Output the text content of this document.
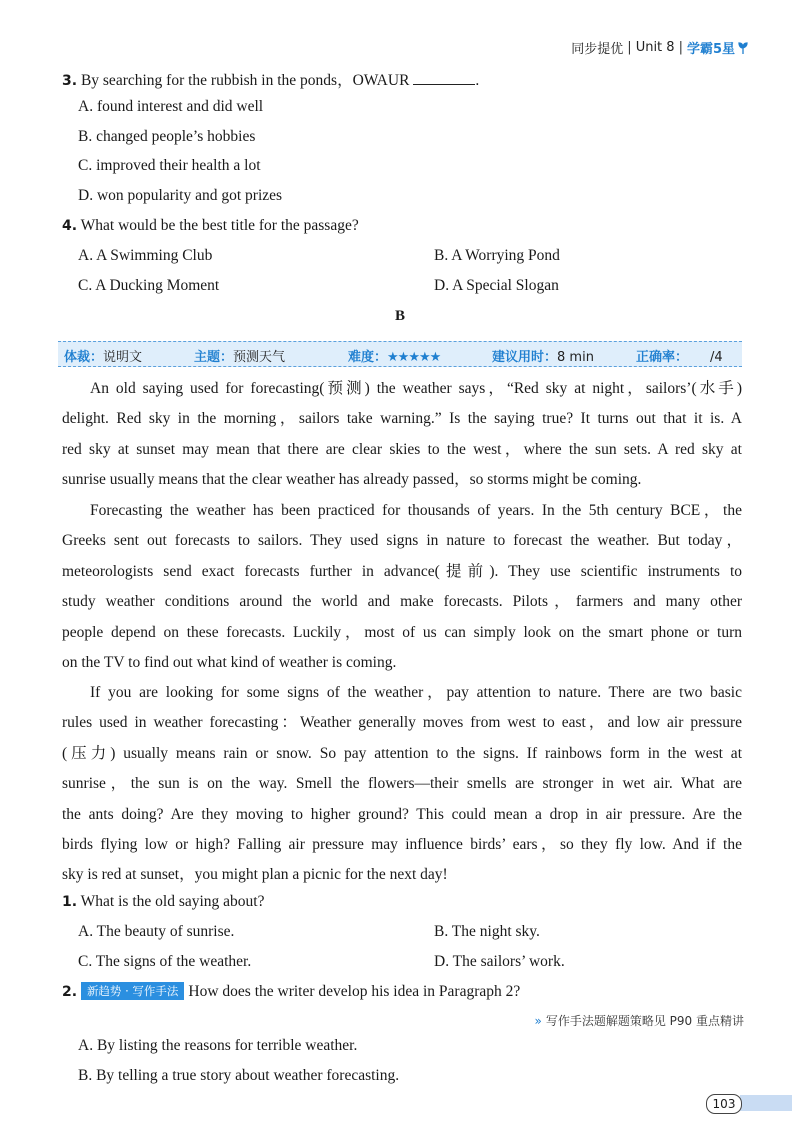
同步提优 | Unit 8 | 学霸5星
3. By searching for the rubbish in the ponds，OWAUR	.
A. found interest and did well
B. changed people’s hobbies
C. improved their health a lot
D. won popularity and got prizes
4. What would be the best title for the passage?
A. A Swimming Club	B. A Worrying Pond
C. A Ducking Moment	D. A Special Slogan
B
体裁：说明文	主题：预测天气	难度：★★★★★	建议用时：8 min	正确率： /4
An old saying used for forecasting(预测) the weather says，“Red sky at night，sailors’(水手)
delight. Red sky in the morning，sailors take warning.” Is the saying true? It turns out that it is. A
red sky at sunset may mean that there are clear skies to the west，where the sun sets. A red sky at
sunrise usually means that the clear weather has already passed，so storms might be coming.
Forecasting the weather has been practiced for thousands of years. In the 5th century BCE，the
Greeks sent out forecasts to sailors. They used signs in nature to forecast the weather. But today，
meteorologists send exact forecasts further in advance(提前). They use scientific instruments to
study weather conditions around the world and make forecasts. Pilots，farmers and many other
people depend on these forecasts. Luckily，most of us can simply look on the smart phone or turn
on the TV to find out what kind of weather is coming.
If you are looking for some signs of the weather，pay attention to nature. There are two basic
rules used in weather forecasting：Weather generally moves from west to east，and low air pressure
(压力) usually means rain or snow. So pay attention to the signs. If rainbows form in the west at
sunrise，the sun is on the way. Smell the flowers—their smells are stronger in wet air. What are
the ants doing? Are they moving to higher ground? This could mean a drop in air pressure. Are the
birds flying low or high? Falling air pressure may influence birds’ ears，so they fly low. And if the
sky is red at sunset，you might plan a picnic for the next day!
1. What is the old saying about?
A. The beauty of sunrise.	B. The night sky.
C. The signs of the weather.	D. The sailors’ work.
2. 新趋势 · 写作手法 How does the writer develop his idea in Paragraph 2?
» 写作手法题解题策略见 P90 重点精讲
A. By listing the reasons for terrible weather.
B. By telling a true story about weather forecasting.
103
